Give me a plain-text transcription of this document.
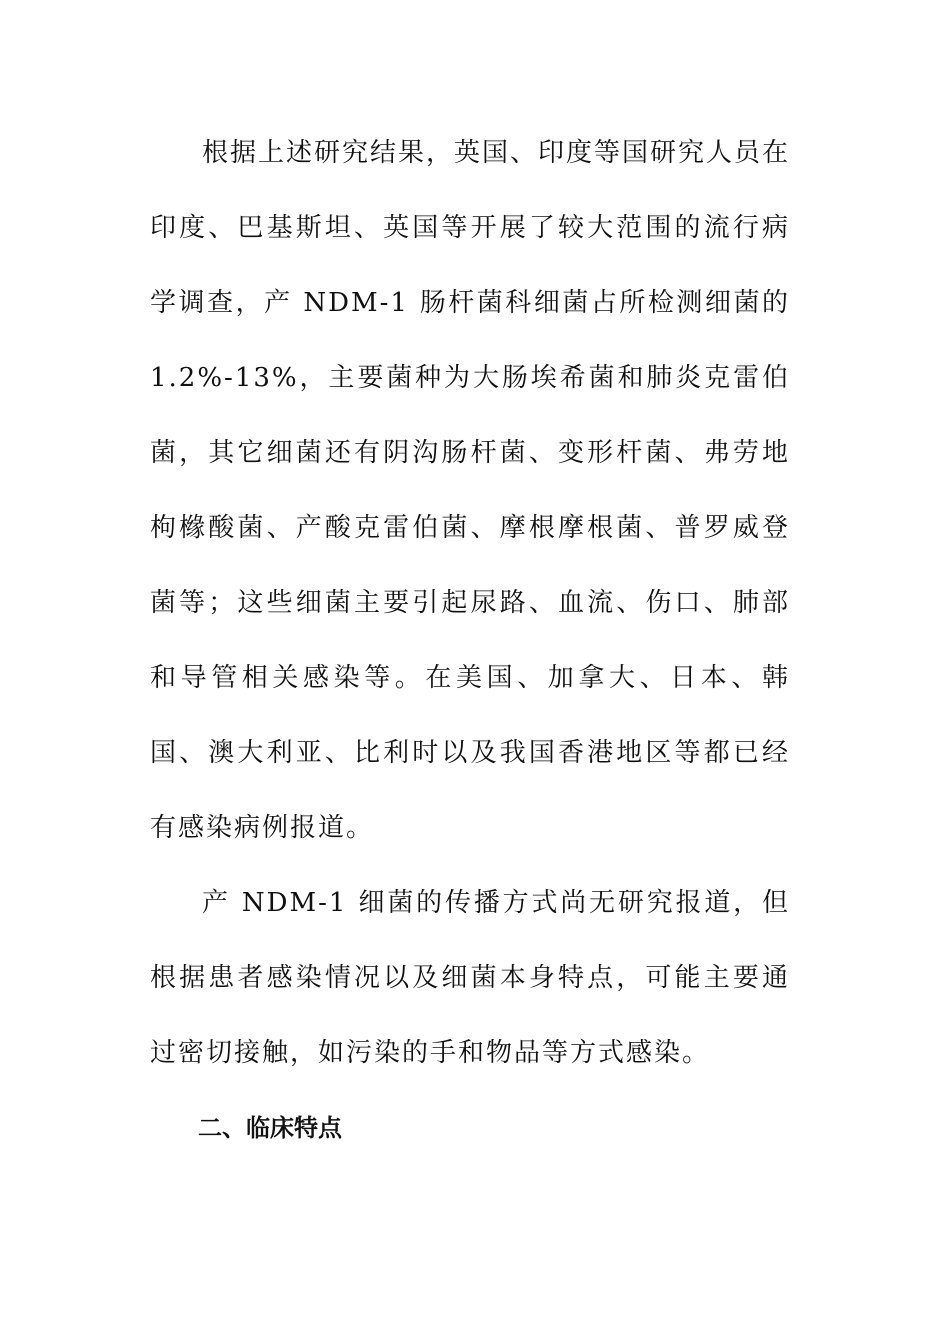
根据上述研究结果，英国、印度等国研究人员在印度、巴基斯坦、英国等开展了较大范围的流行病学调查，产 NDM-1 肠杆菌科细菌占所检测细菌的 1.2%-13%，主要菌种为大肠埃希菌和肺炎克雷伯菌，其它细菌还有阴沟肠杆菌、变形杆菌、弗劳地枸橼酸菌、产酸克雷伯菌、摩根摩根菌、普罗威登菌等；这些细菌主要引起尿路、血流、伤口、肺部和导管相关感染等。在美国、加拿大、日本、韩国、澳大利亚、比利时以及我国香港地区等都已经有感染病例报道。

产 NDM-1 细菌的传播方式尚无研究报道，但根据患者感染情况以及细菌本身特点，可能主要通过密切接触，如污染的手和物品等方式感染。

二、临床特点
